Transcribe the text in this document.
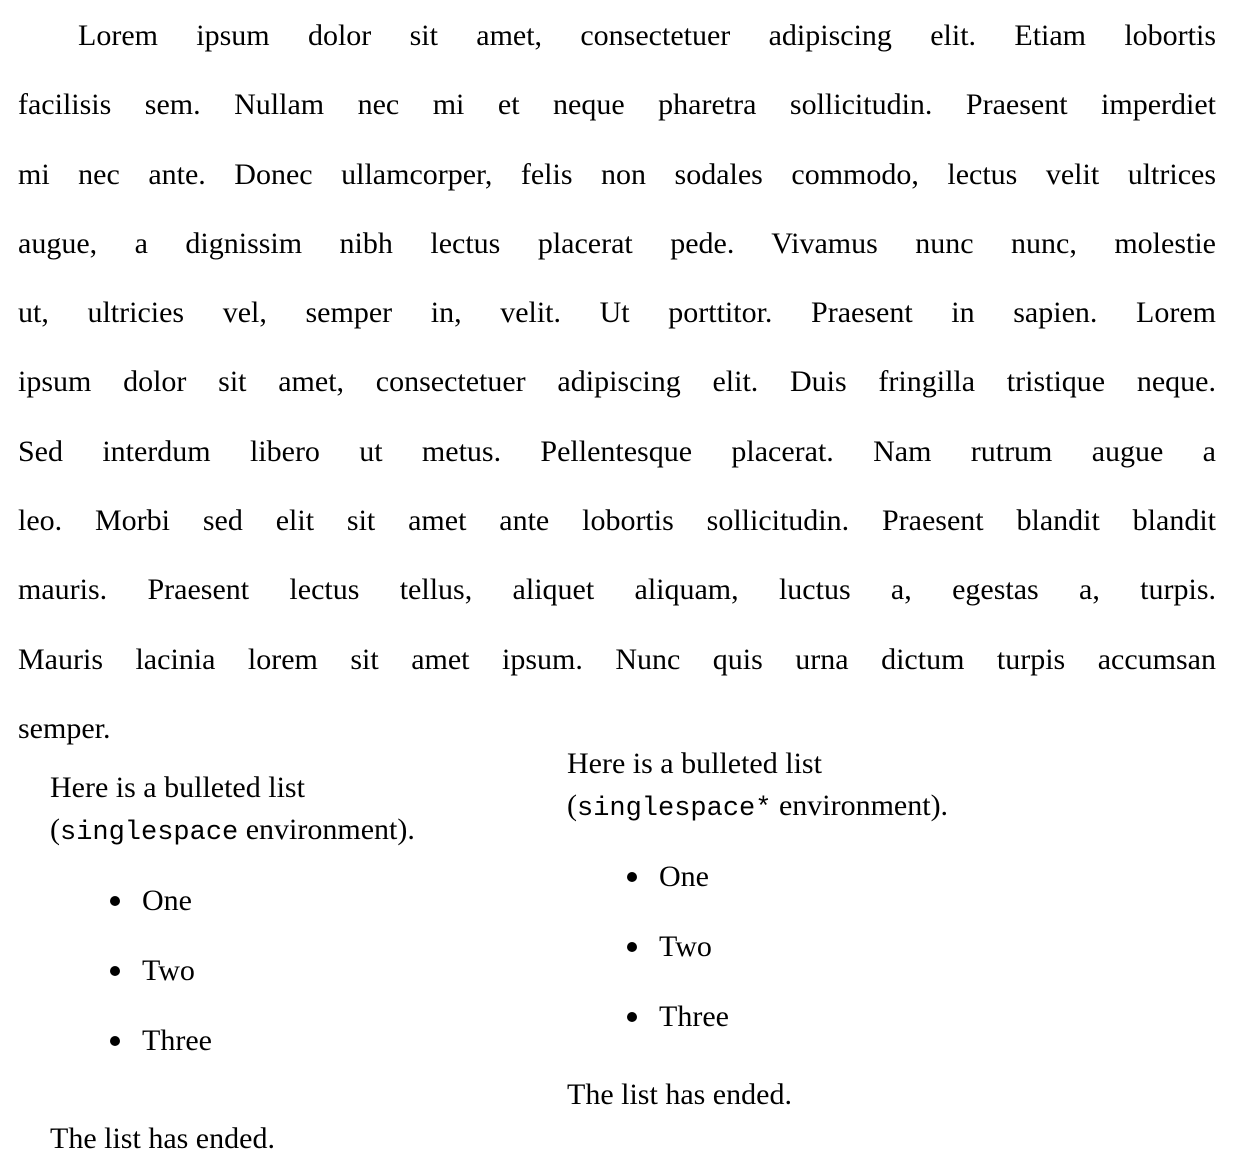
Lorem ipsum dolor sit amet, consectetuer adipiscing elit. Etiam lobortis
facilisis sem. Nullam nec mi et neque pharetra sollicitudin. Praesent imperdiet
mi nec ante. Donec ullamcorper, felis non sodales commodo, lectus velit ultrices
augue, a dignissim nibh lectus placerat pede. Vivamus nunc nunc, molestie
ut, ultricies vel, semper in, velit. Ut porttitor. Praesent in sapien. Lorem
ipsum dolor sit amet, consectetuer adipiscing elit. Duis fringilla tristique neque.
Sed interdum libero ut metus. Pellentesque placerat. Nam rutrum augue a
leo. Morbi sed elit sit amet ante lobortis sollicitudin. Praesent blandit blandit
mauris. Praesent lectus tellus, aliquet aliquam, luctus a, egestas a, turpis.
Mauris lacinia lorem sit amet ipsum. Nunc quis urna dictum turpis accumsan
semper.
Here is a bulleted list
(singlespace environment).
One
Two
Three
The list has ended.
Here is a bulleted list
(singlespace* environment).
One
Two
Three
The list has ended.
